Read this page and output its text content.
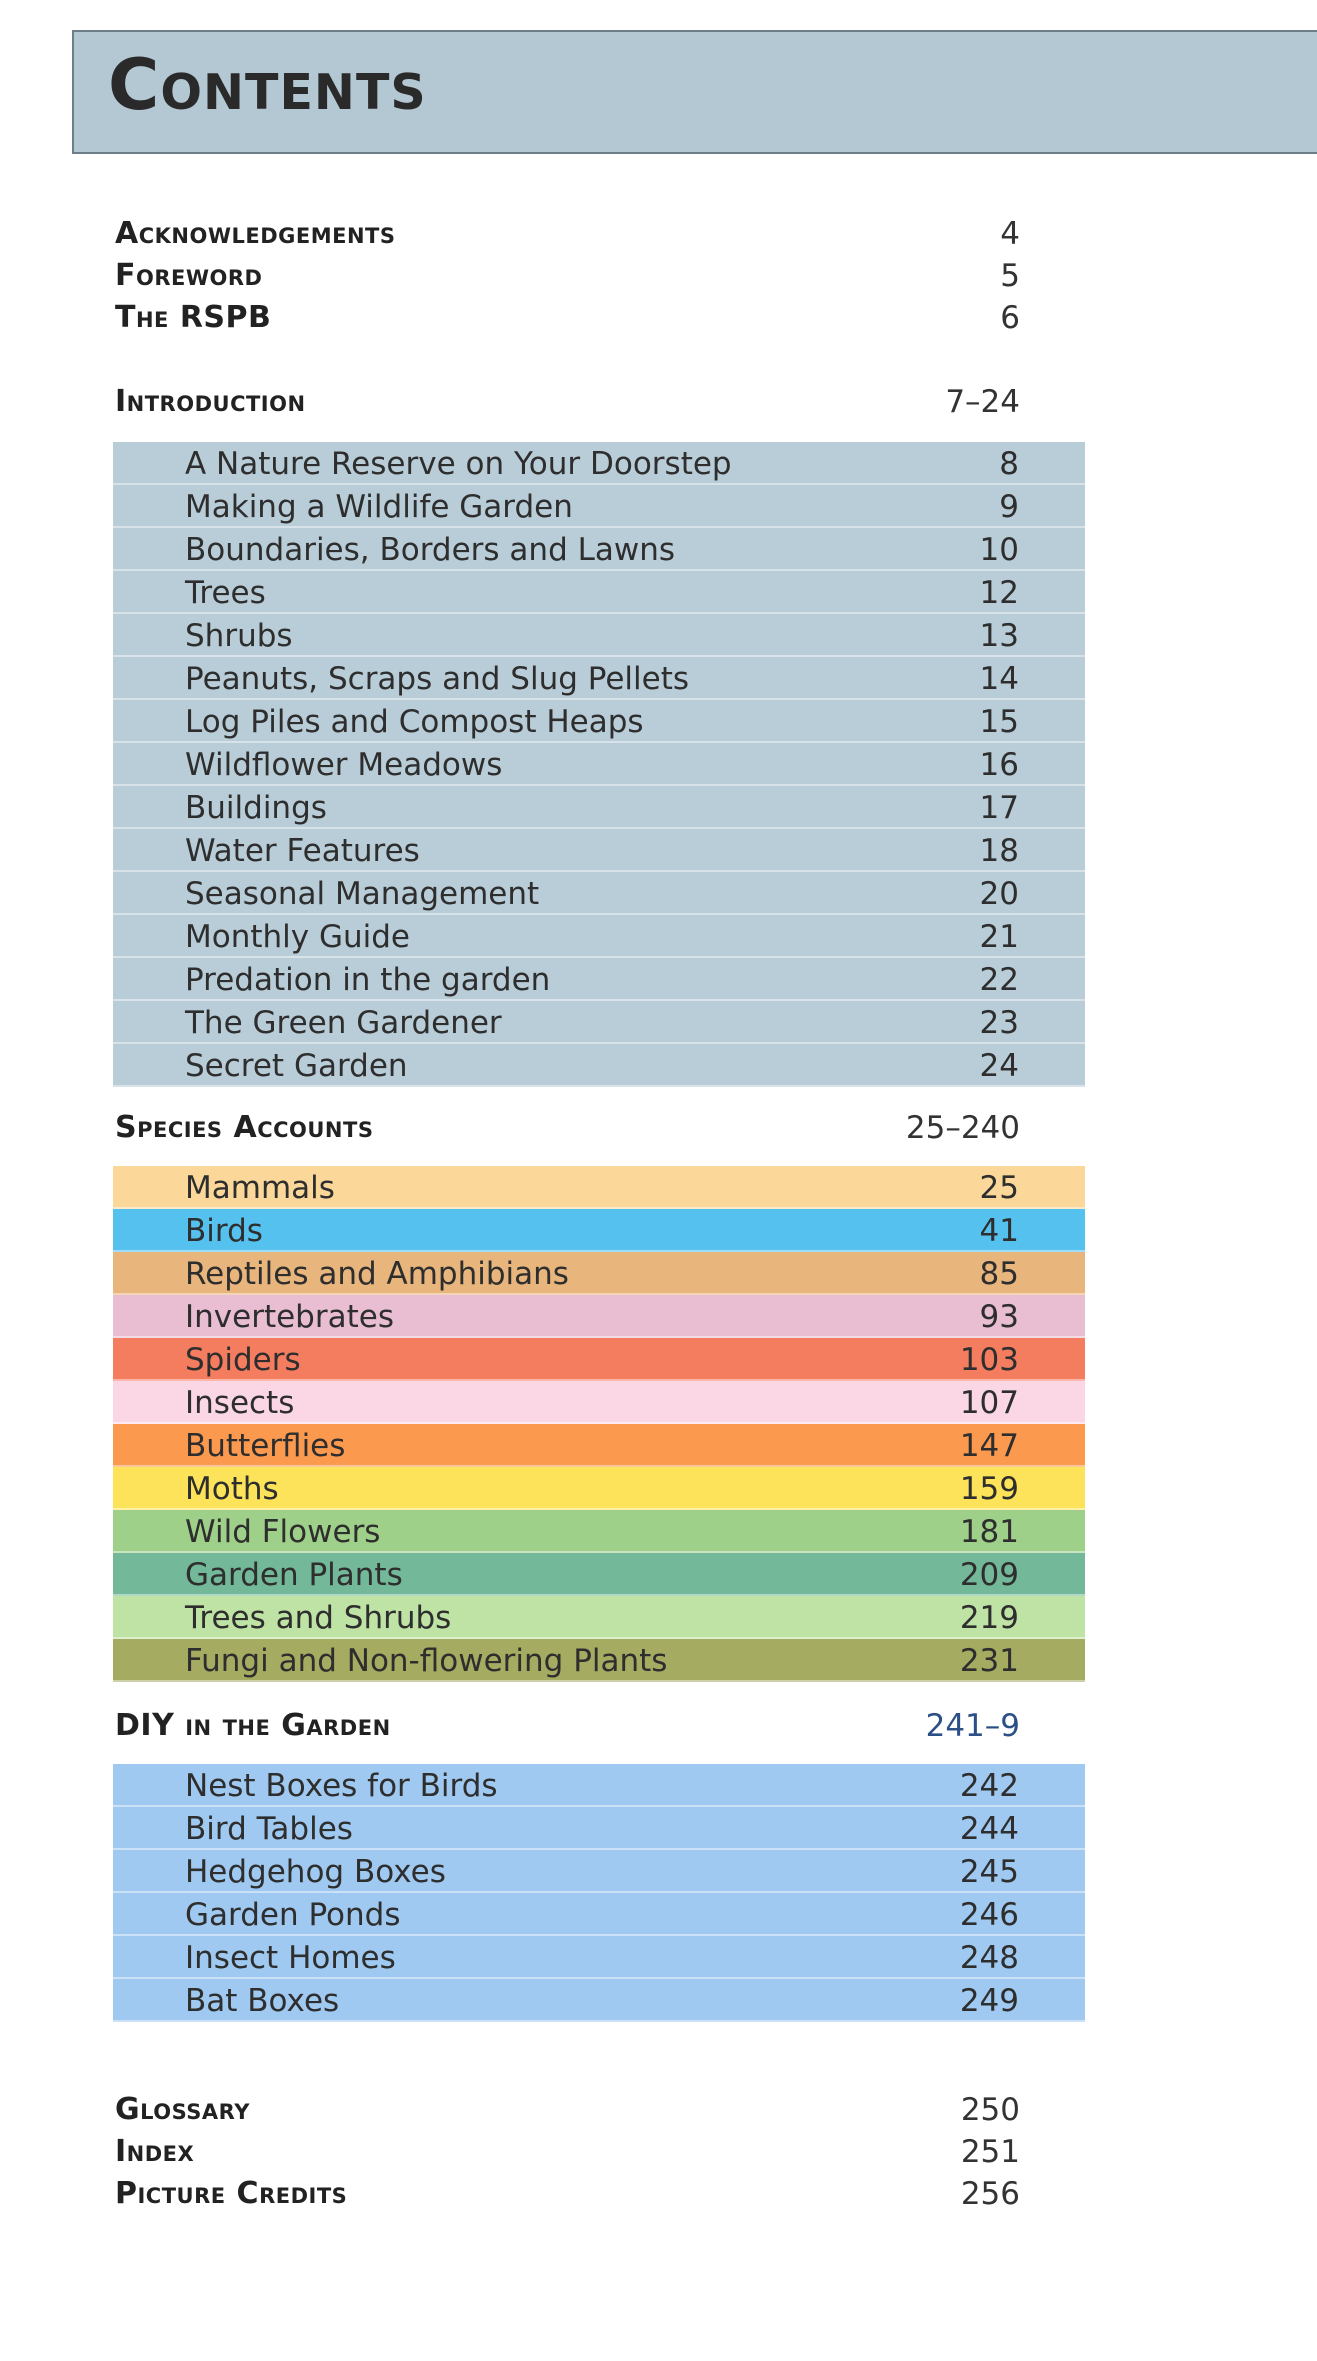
Contents
Acknowledgements	4
Foreword	5
The RSPB	6
Introduction	7–24
A Nature Reserve on Your Doorstep	8
Making a Wildlife Garden	9
Boundaries, Borders and Lawns	10
Trees	12
Shrubs	13
Peanuts, Scraps and Slug Pellets	14
Log Piles and Compost Heaps	15
Wildflower Meadows	16
Buildings	17
Water Features	18
Seasonal Management	20
Monthly Guide	21
Predation in the garden	22
The Green Gardener	23
Secret Garden	24
Species Accounts	25–240
Mammals	25
Birds	41
Reptiles and Amphibians	85
Invertebrates	93
Spiders	103
Insects	107
Butterflies	147
Moths	159
Wild Flowers	181
Garden Plants	209
Trees and Shrubs	219
Fungi and Non-flowering Plants	231
DIY in the Garden	241–9
Nest Boxes for Birds	242
Bird Tables	244
Hedgehog Boxes	245
Garden Ponds	246
Insect Homes	248
Bat Boxes	249
Glossary	250
Index	251
Picture Credits	256
